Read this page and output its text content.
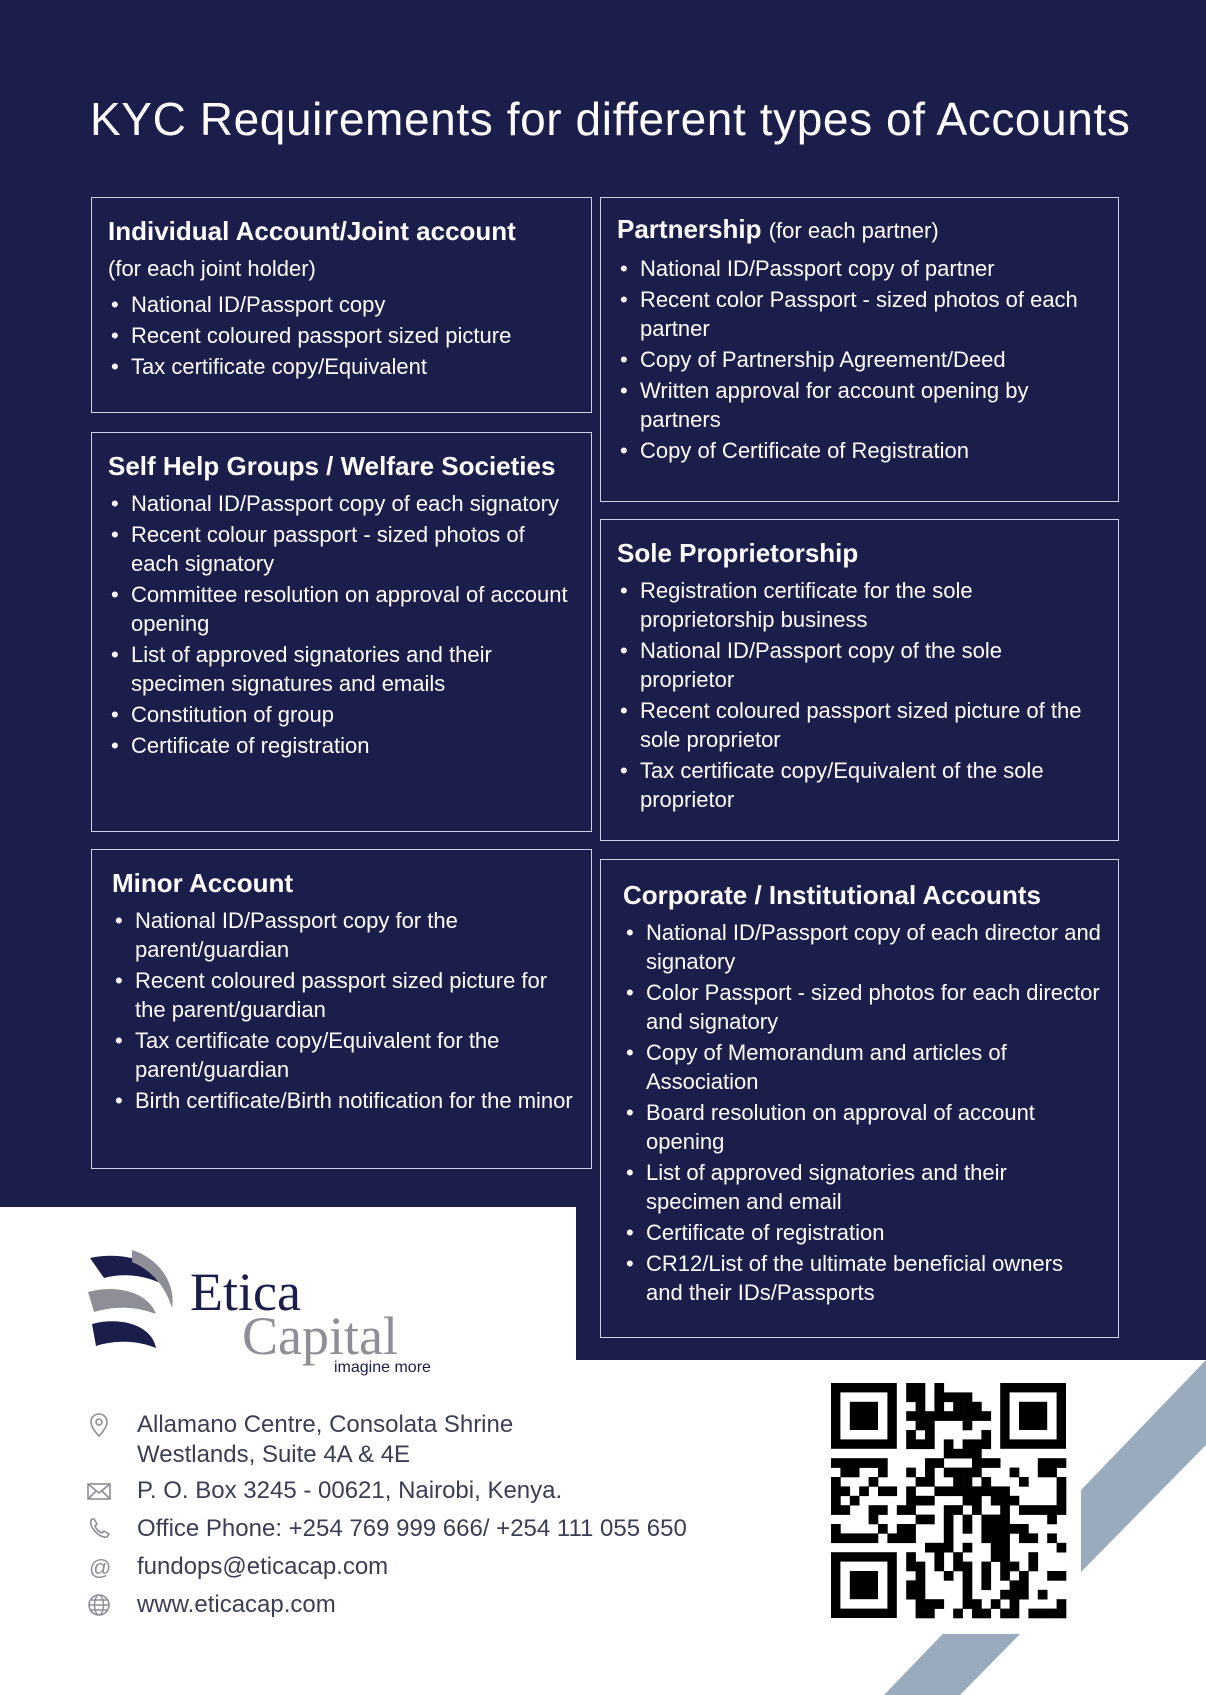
KYC Requirements for different types of Accounts
Individual Account/Joint account
(for each joint holder)
• National ID/Passport copy
• Recent coloured passport sized picture
• Tax certificate copy/Equivalent
Self Help Groups / Welfare Societies
• National ID/Passport copy of each signatory
• Recent colour passport - sized photos of each signatory
• Committee resolution on approval of account opening
• List of approved signatories and their specimen signatures and emails
• Constitution of group
• Certificate of registration
Minor Account
• National ID/Passport copy for the parent/guardian
• Recent coloured passport sized picture for the parent/guardian
• Tax certificate copy/Equivalent for the parent/guardian
• Birth certificate/Birth notification for the minor
Partnership (for each partner)
• National ID/Passport copy of partner
• Recent color Passport - sized photos of each partner
• Copy of Partnership Agreement/Deed
• Written approval for account opening by partners
• Copy of Certificate of Registration
Sole Proprietorship
• Registration certificate for the sole proprietorship business
• National ID/Passport copy of the sole proprietor
• Recent coloured passport sized picture of the sole proprietor
• Tax certificate copy/Equivalent of the sole proprietor
Corporate / Institutional Accounts
• National ID/Passport copy of each director and signatory
• Color Passport - sized photos for each director and signatory
• Copy of Memorandum and articles of Association
• Board resolution on approval of account opening
• List of approved signatories and their specimen and email
• Certificate of registration
• CR12/List of the ultimate beneficial owners and their IDs/Passports
Etica
Capital
imagine more
Allamano Centre, Consolata Shrine
Westlands, Suite 4A & 4E
P. O. Box 3245 - 00621, Nairobi, Kenya.
Office Phone: +254 769 999 666/ +254 111 055 650
@ fundops@eticacap.com
www.eticacap.com
